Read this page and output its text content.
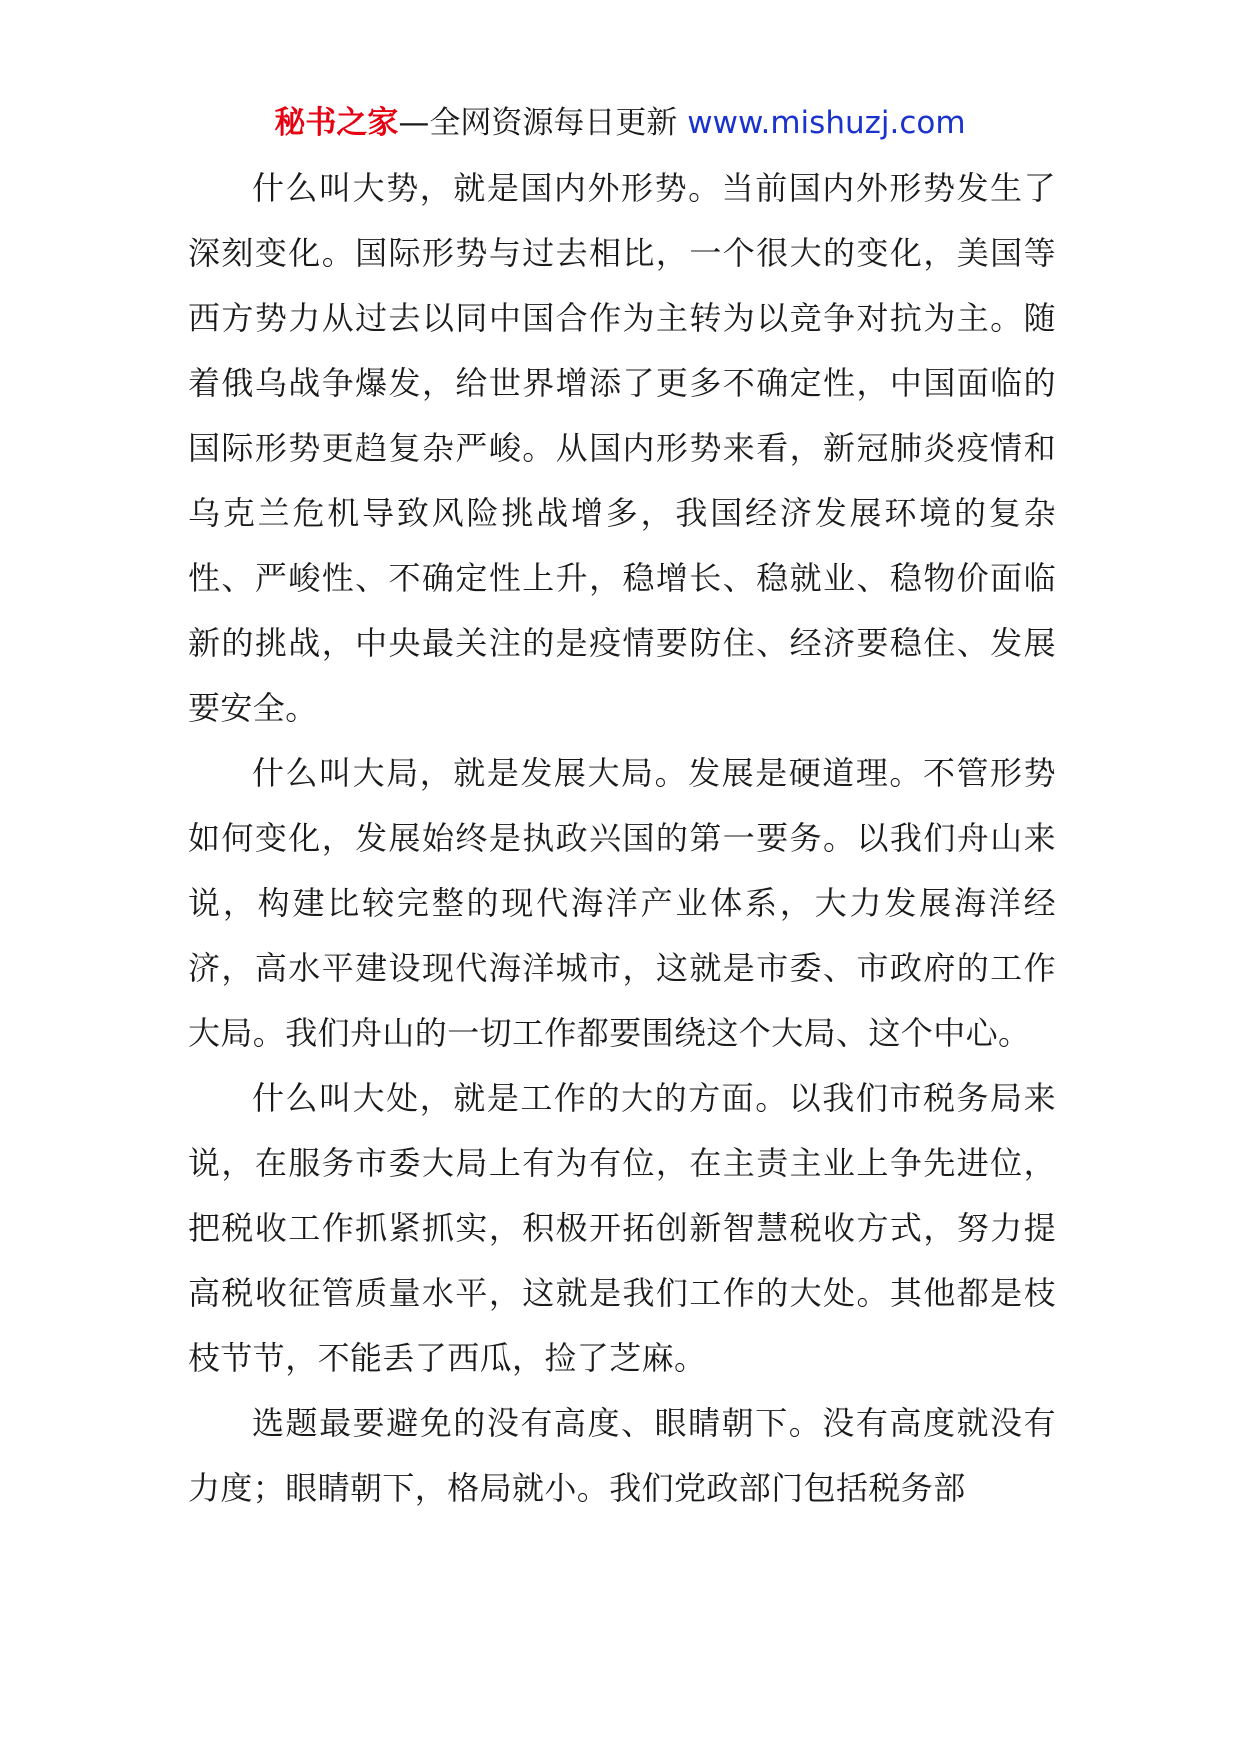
秘书之家—全网资源每日更新 www.mishuzj.com

什么叫大势，就是国内外形势。当前国内外形势发生了深刻变化。国际形势与过去相比，一个很大的变化，美国等西方势力从过去以同中国合作为主转为以竞争对抗为主。随着俄乌战争爆发，给世界增添了更多不确定性，中国面临的国际形势更趋复杂严峻。从国内形势来看，新冠肺炎疫情和乌克兰危机导致风险挑战增多，我国经济发展环境的复杂性、严峻性、不确定性上升，稳增长、稳就业、稳物价面临新的挑战，中央最关注的是疫情要防住、经济要稳住、发展要安全。

什么叫大局，就是发展大局。发展是硬道理。不管形势如何变化，发展始终是执政兴国的第一要务。以我们舟山来说，构建比较完整的现代海洋产业体系，大力发展海洋经济，高水平建设现代海洋城市，这就是市委、市政府的工作大局。我们舟山的一切工作都要围绕这个大局、这个中心。

什么叫大处，就是工作的大的方面。以我们市税务局来说，在服务市委大局上有为有位，在主责主业上争先进位，把税收工作抓紧抓实，积极开拓创新智慧税收方式，努力提高税收征管质量水平，这就是我们工作的大处。其他都是枝枝节节，不能丢了西瓜，捡了芝麻。

选题最要避免的没有高度、眼睛朝下。没有高度就没有力度；眼睛朝下，格局就小。我们党政部门包括税务部
